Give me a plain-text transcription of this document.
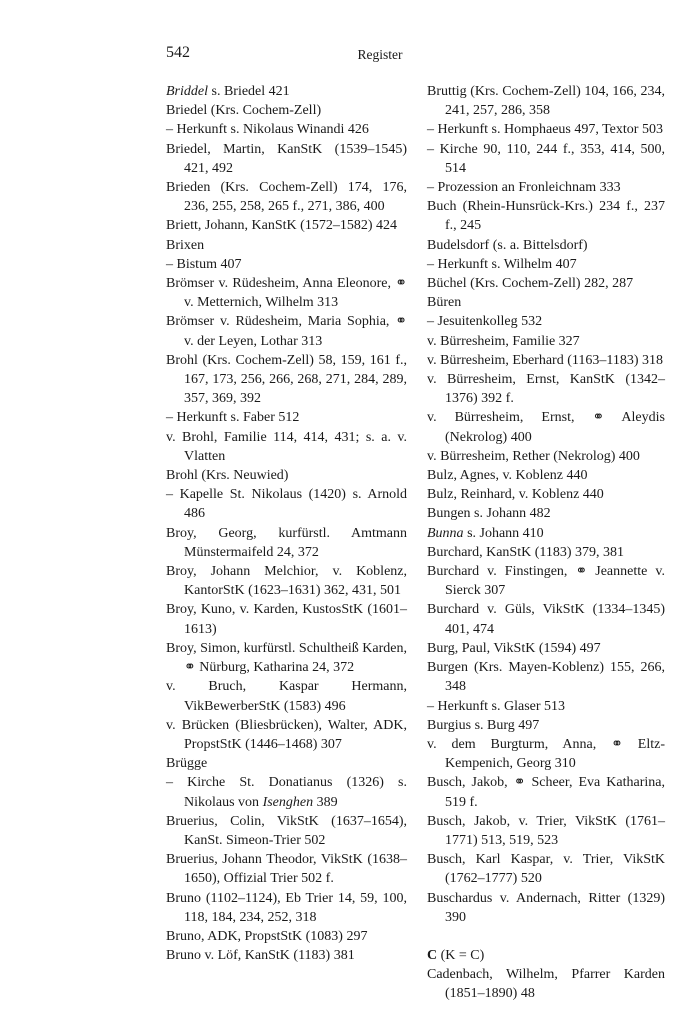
542	Register
Briddel s. Briedel 421
Briedel (Krs. Cochem-Zell)
– Herkunft s. Nikolaus Winandi 426
Briedel, Martin, KanStK (1539–1545) 421, 492
Brieden (Krs. Cochem-Zell) 174, 176, 236, 255, 258, 265 f., 271, 386, 400
Briett, Johann, KanStK (1572–1582) 424
Brixen
– Bistum 407
Brömser v. Rüdesheim, Anna Eleonore, ⚭ v. Metternich, Wilhelm 313
Brömser v. Rüdesheim, Maria Sophia, ⚭ v. der Leyen, Lothar 313
Brohl (Krs. Cochem-Zell) 58, 159, 161 f., 167, 173, 256, 266, 268, 271, 284, 289, 357, 369, 392
– Herkunft s. Faber 512
v. Brohl, Familie 114, 414, 431; s. a. v. Vlatten
Brohl (Krs. Neuwied)
– Kapelle St. Nikolaus (1420) s. Arnold 486
Broy, Georg, kurfürstl. Amtmann Münstermaifeld 24, 372
Broy, Johann Melchior, v. Koblenz, KantorStK (1623–1631) 362, 431, 501
Broy, Kuno, v. Karden, KustosStK (1601–1613)
Broy, Simon, kurfürstl. Schultheiß Karden, ⚭ Nürburg, Katharina 24, 372
v. Bruch, Kaspar Hermann, VikBewerberStK (1583) 496
v. Brücken (Bliesbrücken), Walter, ADK, PropstStK (1446–1468) 307
Brügge
– Kirche St. Donatianus (1326) s. Nikolaus von Isenghen 389
Bruerius, Colin, VikStK (1637–1654), KanSt. Simeon-Trier 502
Bruerius, Johann Theodor, VikStK (1638–1650), Offizial Trier 502 f.
Bruno (1102–1124), Eb Trier 14, 59, 100, 118, 184, 234, 252, 318
Bruno, ADK, PropstStK (1083) 297
Bruno v. Löf, KanStK (1183) 381
Bruttig (Krs. Cochem-Zell) 104, 166, 234, 241, 257, 286, 358
– Herkunft s. Homphaeus 497, Textor 503
– Kirche 90, 110, 244 f., 353, 414, 500, 514
– Prozession an Fronleichnam 333
Buch (Rhein-Hunsrück-Krs.) 234 f., 237 f., 245
Budelsdorf (s. a. Bittelsdorf)
– Herkunft s. Wilhelm 407
Büchel (Krs. Cochem-Zell) 282, 287
Büren
– Jesuitenkolleg 532
v. Bürresheim, Familie 327
v. Bürresheim, Eberhard (1163–1183) 318
v. Bürresheim, Ernst, KanStK (1342–1376) 392 f.
v. Bürresheim, Ernst, ⚭ Aleydis (Nekrolog) 400
v. Bürresheim, Rether (Nekrolog) 400
Bulz, Agnes, v. Koblenz 440
Bulz, Reinhard, v. Koblenz 440
Bungen s. Johann 482
Bunna s. Johann 410
Burchard, KanStK (1183) 379, 381
Burchard v. Finstingen, ⚭ Jeannette v. Sierck 307
Burchard v. Güls, VikStK (1334–1345) 401, 474
Burg, Paul, VikStK (1594) 497
Burgen (Krs. Mayen-Koblenz) 155, 266, 348
– Herkunft s. Glaser 513
Burgius s. Burg 497
v. dem Burgturm, Anna, ⚭ Eltz-Kempenich, Georg 310
Busch, Jakob, ⚭ Scheer, Eva Katharina, 519 f.
Busch, Jakob, v. Trier, VikStK (1761–1771) 513, 519, 523
Busch, Karl Kaspar, v. Trier, VikStK (1762–1777) 520
Buschardus v. Andernach, Ritter (1329) 390
C (K = C)
Cadenbach, Wilhelm, Pfarrer Karden (1851–1890) 48
